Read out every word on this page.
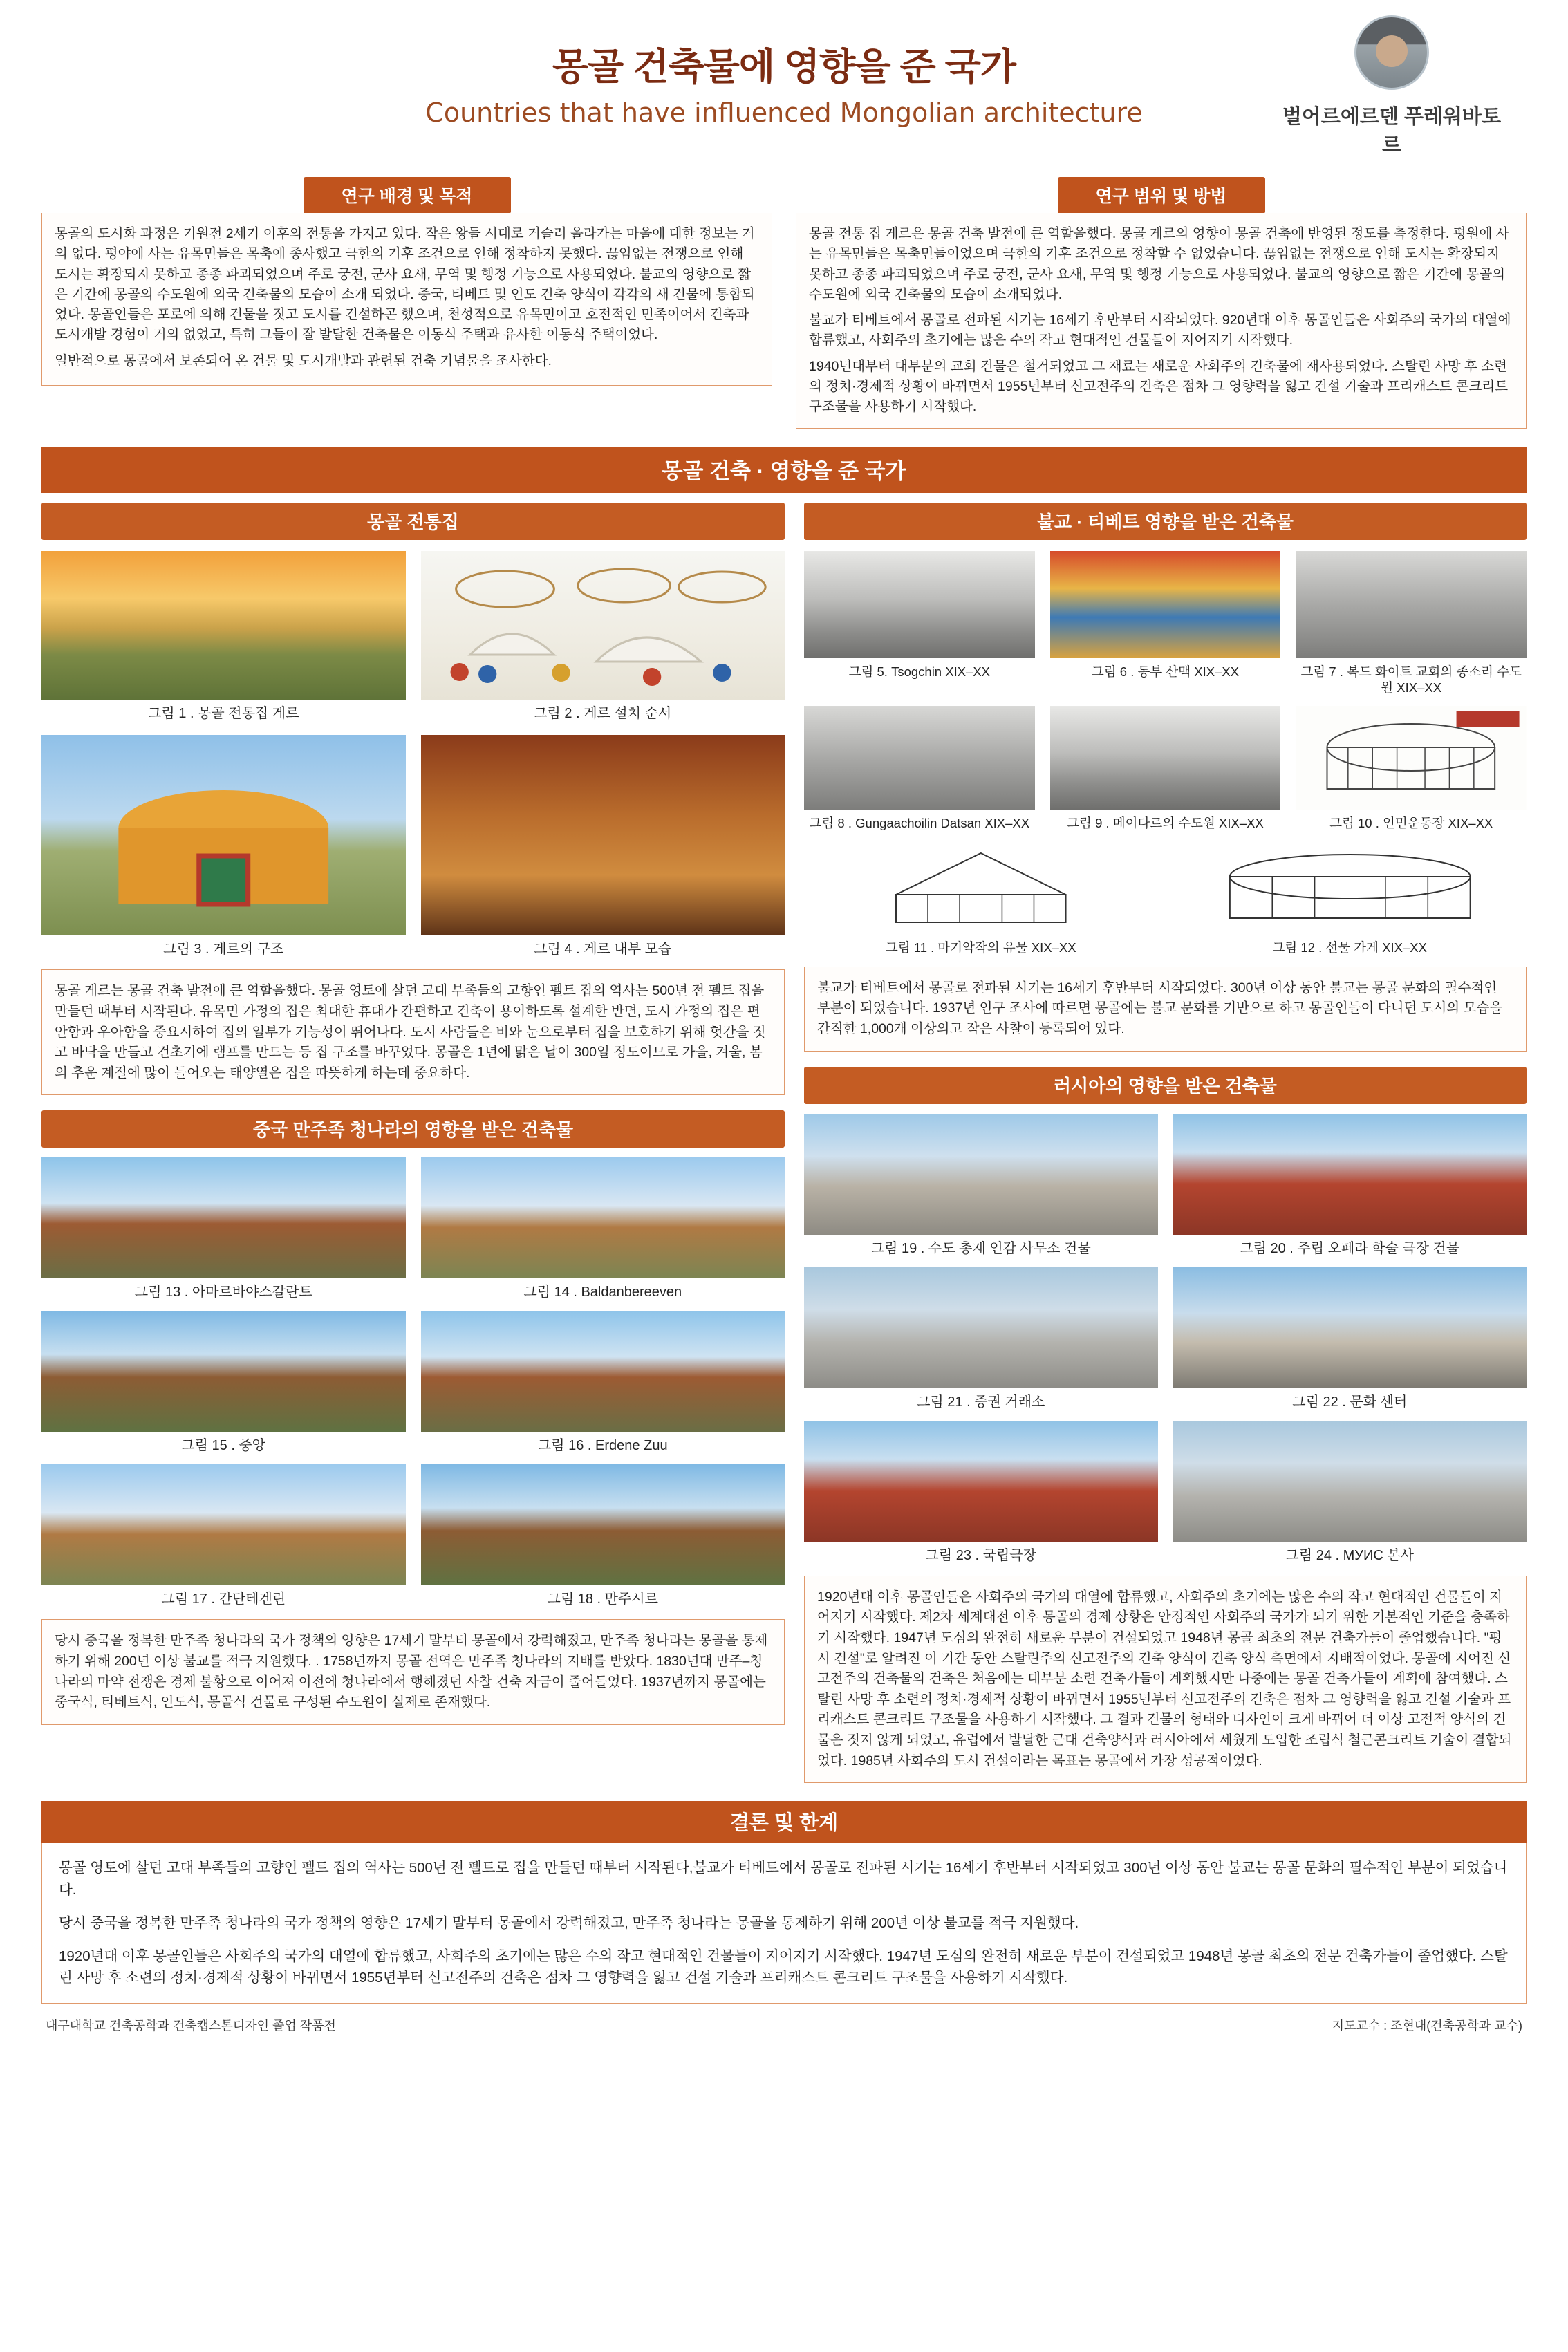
몽골 건축물에 영향을 준 국가
Countries that have influenced Mongolian architecture	벌어르에르덴 푸레워바토르
연구 배경 및 목적

몽골의 도시화 과정은 기원전 2세기 이후의 전통을 가지고 있다. 작은 왕들 시대로 거슬러 올라가는 마을에 대한 정보는 거의 없다. 평야에 사는 유목민들은 목축에 종사했고 극한의 기후 조건으로 인해 정착하지 못했다. 끊임없는 전쟁으로 인해 도시는 확장되지 못하고 종종 파괴되었으며 주로 궁전, 군사 요새, 무역 및 행정 기능으로 사용되었다. 불교의 영향으로 짧은 기간에 몽골의 수도원에 외국 건축물의 모습이 소개 되었다. 중국, 티베트 및 인도 건축 양식이 각각의 새 건물에 통합되었다. 몽골인들은 포로에 의해 건물을 짓고 도시를 건설하곤 했으며, 천성적으로 유목민이고 호전적인 민족이어서 건축과 도시개발 경험이 거의 없었고, 특히 그들이 잘 발달한 건축물은 이동식 주택과 유사한 이동식 주택이었다.

일반적으로 몽골에서 보존되어 온 건물 및 도시개발과 관련된 건축 기념물을 조사한다.

연구 범위 및 방법

몽골 전통 집 게르은 몽골 건축 발전에 큰 역할을했다. 몽골 게르의 영향이 몽골 건축에 반영된 정도를 측정한다. 평원에 사는 유목민들은 목축민들이었으며 극한의 기후 조건으로 정착할 수 없었습니다. 끊임없는 전쟁으로 인해 도시는 확장되지 못하고 종종 파괴되었으며 주로 궁전, 군사 요새, 무역 및 행정 기능으로 사용되었다. 불교의 영향으로 짧은 기간에 몽골의 수도원에 외국 건축물의 모습이 소개되었다.

불교가 티베트에서 몽골로 전파된 시기는 16세기 후반부터 시작되었다. 920년대 이후 몽골인들은 사회주의 국가의 대열에 합류했고, 사회주의 초기에는 많은 수의 작고 현대적인 건물들이 지어지기 시작했다.

1940년대부터 대부분의 교회 건물은 철거되었고 그 재료는 새로운 사회주의 건축물에 재사용되었다. 스탈린 사망 후 소련의 정치·경제적 상황이 바뀌면서 1955년부터 신고전주의 건축은 점차 그 영향력을 잃고 건설 기술과 프리캐스트 콘크리트 구조물을 사용하기 시작했다.

몽골 건축 · 영향을 준 국가
몽골 전통집
그림 1 . 몽골 전통집 게르	그림 2 . 게르 설치 순서
그림 3 . 게르의 구조	그림 4 . 게르 내부 모습
몽골 게르는 몽골 건축 발전에 큰 역할을했다. 몽골 영토에 살던 고대 부족들의 고향인 펠트 집의 역사는 500년 전 펠트 집을 만들던 때부터 시작된다. 유목민 가정의 집은 최대한 휴대가 간편하고 건축이 용이하도록 설계한 반면, 도시 가정의 집은 편안함과 우아함을 중요시하여 집의 일부가 기능성이 뛰어나다. 도시 사람들은 비와 눈으로부터 집을 보호하기 위해 헛간을 짓고 바닥을 만들고 건초기에 램프를 만드는 등 집 구조를 바꾸었다. 몽골은 1년에 맑은 날이 300일 정도이므로 가을, 겨울, 봄의 추운 계절에 많이 들어오는 태양열은 집을 따뜻하게 하는데 중요하다.
중국 만주족 청나라의 영향을 받은 건축물
그림 13 . 아마르바야스갈란트	그림 14 . Baldanbereeven
그림 15 . 중앙	그림 16 . Erdene Zuu
그림 17 . 간단테겐린	그림 18 . 만주시르
당시 중국을 정복한 만주족 청나라의 국가 정책의 영향은 17세기 말부터 몽골에서 강력해졌고, 만주족 청나라는 몽골을 통제하기 위해 200년 이상 불교를 적극 지원했다. . 1758년까지 몽골 전역은 만주족 청나라의 지배를 받았다. 1830년대 만주–청나라의 마약 전쟁은 경제 불황으로 이어져 이전에 청나라에서 행해졌던 사찰 건축 자금이 줄어들었다. 1937년까지 몽골에는 중국식, 티베트식, 인도식, 몽골식 건물로 구성된 수도원이 실제로 존재했다.
불교 · 티베트 영향을 받은 건축물
그림 5. Tsogchin XIX–XX	그림 6 . 동부 산맥 XIX–XX	그림 7 . 복드 화이트 교회의 종소리 수도원 XIX–XX
그림 8 . Gungaachoilin Datsan XIX–XX	그림 9 . 메이다르의 수도원 XIX–XX	그림 10 . 인민운동장 XIX–XX
그림 11 . 마기악작의 유물 XIX–XX	그림 12 . 선물 가게 XIX–XX
불교가 티베트에서 몽골로 전파된 시기는 16세기 후반부터 시작되었다. 300년 이상 동안 불교는 몽골 문화의 필수적인 부분이 되었습니다. 1937년 인구 조사에 따르면 몽골에는 불교 문화를 기반으로 하고 몽골인들이 다니던 도시의 모습을 간직한 1,000개 이상의고 작은 사찰이 등록되어 있다.
러시아의 영향을 받은 건축물
그림 19 . 수도 총재 인감 사무소 건물	그림 20 . 주립 오페라 학술 극장 건물
그림 21 . 증권 거래소	그림 22 . 문화 센터
그림 23 . 국립극장	그림 24 . МУИС 본사
1920년대 이후 몽골인들은 사회주의 국가의 대열에 합류했고, 사회주의 초기에는 많은 수의 작고 현대적인 건물들이 지어지기 시작했다. 제2차 세계대전 이후 몽골의 경제 상황은 안정적인 사회주의 국가가 되기 위한 기본적인 기준을 충족하기 시작했다. 1947년 도심의 완전히 새로운 부분이 건설되었고 1948년 몽골 최초의 전문 건축가들이 졸업했습니다. "평시 건설"로 알려진 이 기간 동안 스탈린주의 신고전주의 건축 양식이 건축 양식 측면에서 지배적이었다. 몽골에 지어진 신고전주의 건축물의 건축은 처음에는 대부분 소련 건축가들이 계획했지만 나중에는 몽골 건축가들이 계획에 참여했다. 스탈린 사망 후 소련의 정치·경제적 상황이 바뀌면서 1955년부터 신고전주의 건축은 점차 그 영향력을 잃고 건설 기술과 프리캐스트 콘크리트 구조물을 사용하기 시작했다. 그 결과 건물의 형태와 디자인이 크게 바뀌어 더 이상 고전적 양식의 건물은 짓지 않게 되었고, 유럽에서 발달한 근대 건축양식과 러시아에서 세웠게 도입한 조립식 철근콘크리트 기술이 결합되었다. 1985년 사회주의 도시 건설이라는 목표는 몽골에서 가장 성공적이었다.
결론 및 한계

몽골 영토에 살던 고대 부족들의 고향인 펠트 집의 역사는 500년 전 펠트로 집을 만들던 때부터 시작된다,불교가 티베트에서 몽골로 전파된 시기는 16세기 후반부터 시작되었고 300년 이상 동안 불교는 몽골 문화의 필수적인 부분이 되었습니다.

당시 중국을 정복한 만주족 청나라의 국가 정책의 영향은 17세기 말부터 몽골에서 강력해졌고, 만주족 청나라는 몽골을 통제하기 위해 200년 이상 불교를 적극 지원했다.

1920년대 이후 몽골인들은 사회주의 국가의 대열에 합류했고, 사회주의 초기에는 많은 수의 작고 현대적인 건물들이 지어지기 시작했다. 1947년 도심의 완전히 새로운 부분이 건설되었고 1948년 몽골 최초의 전문 건축가들이 졸업했다. 스탈린 사망 후 소련의 정치·경제적 상황이 바뀌면서 1955년부터 신고전주의 건축은 점차 그 영향력을 잃고 건설 기술과 프리캐스트 콘크리트 구조물을 사용하기 시작했다.

대구대학교 건축공학과 건축캡스톤디자인 졸업 작품전	지도교수 : 조현대(건축공학과 교수)
